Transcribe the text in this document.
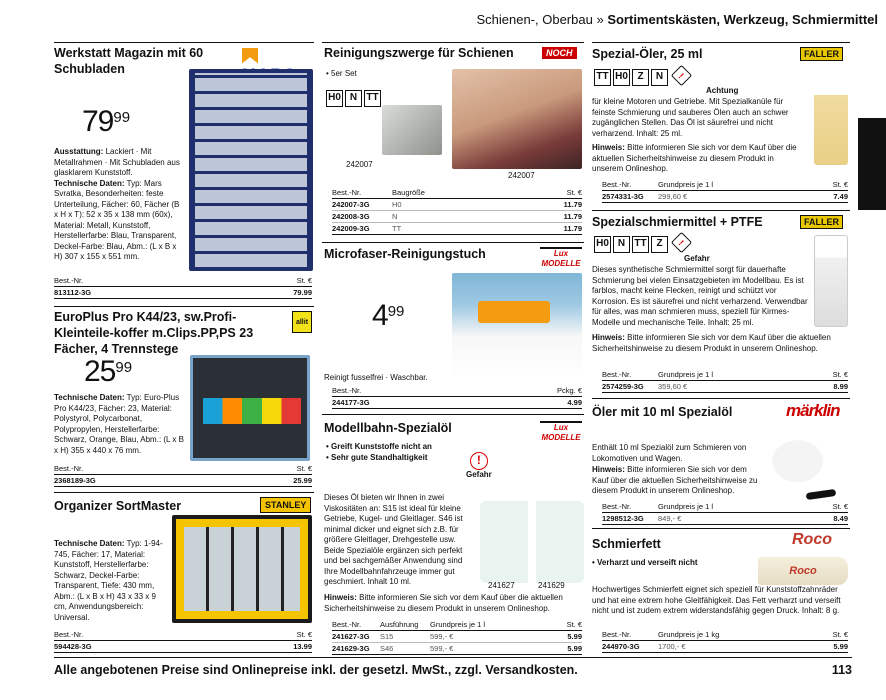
Schienen-, Oberbau » Sortimentskästen, Werkzeug, Schmiermittel
Werkstatt Magazin mit 60 Schubladen
$79^{99}$
Ausstattung: Lackiert · Mit Metallrahmen · Mit Schubladen aus glasklarem Kunststoff.
Technische Daten: Typ: Mars Svratka, Besonderheiten: feste Unterteilung, Fächer: 60, Fächer (B x H x T): 52 x 35 x 138 mm (60x), Material: Metall, Kunststoff, Herstellerfarbe: Blau, Transparent, Deckel-Farbe: Blau, Abm.: (L x B x H) 307 x 155 x 551 mm.
Best.-Nr.	St. €
813112-3G	79.99
EuroPlus Pro K44/23, sw.Profi-Kleinteile-koffer m.Clips.PP,PS 23 Fächer, 4 Trennstege
allit
$25^{99}$
Technische Daten: Typ: Euro-Plus Pro K44/23, Fächer: 23, Material: Polystyrol, Polycarbonat, Polypropylen, Herstellerfarbe: Schwarz, Orange, Blau, Abm.: (L x B x H) 355 x 440 x 76 mm.
Best.-Nr.	St. €
2368189-3G	25.99
Organizer SortMaster	STANLEY
Technische Daten: Typ: 1-94-745, Fächer: 17, Material: Kunststoff, Herstellerfarbe: Schwarz, Deckel-Farbe: Transparent, Tiefe: 430 mm, Abm.: (L x B x H) 43 x 33 x 9 cm, Anwendungsbereich: Universal.
Best.-Nr.	St. €
594428-3G	13.99
Reinigungszwerge für Schienen	NOCH
• 5er Set
H0 N TT
242007
242007
Best.-Nr.	Baugröße	St. €
242007-3G	H0	11.79
242008-3G	N	11.79
242009-3G	TT	11.79
Microfaser-Reinigungstuch	Lux MODELLE
$4^{99}$
Reinigt fusselfrei · Waschbar.
Best.-Nr.	Pckg. €
244177-3G	4.99
Modellbahn-Spezialöl	Lux MODELLE
• Greift Kunststoffe nicht an
• Sehr gute Standhaltigkeit	!
Gefahr
241627	241629
Dieses Öl bieten wir Ihnen in zwei Viskositäten an: S15 ist ideal für kleine Getriebe, Kugel- und Gleitlager. S46 ist minimal dicker und eignet sich z.B. für größere Gleitlager, Drehgestelle usw. Beide Spezialöle ergänzen sich perfekt und bei sachgemäßer Anwendung sind Ihre Modellbahnfahrzeuge immer gut geschmiert. Inhalt 10 ml.
Hinweis: Bitte informieren Sie sich vor dem Kauf über die aktuellen Sicherheitshinweise zu diesem Produkt in unserem Onlineshop.
Best.-Nr.	Ausführung	Grundpreis je 1 l	St. €
241627-3G	S15	599,- €	5.99
241629-3G	S46	599,- €	5.99
Spezial-Öler, 25 ml	FALLER
TT H0 Z N !
Achtung
für kleine Motoren und Getriebe. Mit Spezialkanüle für feinste Schmierung und sauberes Ölen auch an schwer zugänglichen Stellen. Das Öl ist säurefrei und nicht verharzend. Inhalt: 25 ml.
Hinweis: Bitte informieren Sie sich vor dem Kauf über die aktuellen Sicherheitshinweise zu diesem Produkt in unserem Onlineshop.
Best.-Nr.	Grundpreis je 1 l	St. €
2574331-3G	299,60 €	7.49
Spezialschmiermittel + PTFE	FALLER
H0 N TT Z !
Gefahr
Dieses synthetische Schmiermittel sorgt für dauerhafte Schmierung bei vielen Einsatzgebieten im Modellbau. Es ist farblos, macht keine Flecken, reinigt und schützt vor Korrosion. Es ist säurefrei und nicht verharzend. Verwendbar für alles, was man schmieren muss, speziell für Kirmes-Modelle und mechanische Teile. Inhalt: 25 ml.
Hinweis: Bitte informieren Sie sich vor dem Kauf über die aktuellen Sicherheitshinweise zu diesem Produkt in unserem Onlineshop.
Best.-Nr.	Grundpreis je 1 l	St. €
2574259-3G	359,60 €	8.99
Öler mit 10 ml Spezialöl	märklin
Enthält 10 ml Spezialöl zum Schmieren von Lokomotiven und Wagen.
Hinweis: Bitte informieren Sie sich vor dem Kauf über die aktuellen Sicherheitshinweise zu diesem Produkt in unserem Onlineshop.
Best.-Nr.	Grundpreis je 1 l	St. €
1298512-3G	849,- €	8.49
Schmierfett	Roco
• Verharzt und verseift nicht
Roco
Hochwertiges Schmierfett eignet sich speziell für Kunststoffzahnräder und hat eine extrem hohe Gleitfähigkeit. Das Fett verharzt und verseift nicht und ist zudem extrem widerstandsfähig gegen Druck. Inhalt: 8 g.
Best.-Nr.	Grundpreis je 1 kg	St. €
244970-3G	1700,- €	5.99
Alle angebotenen Preise sind Onlinepreise inkl. der gesetzl. MwSt., zzgl. Versandkosten.	113
